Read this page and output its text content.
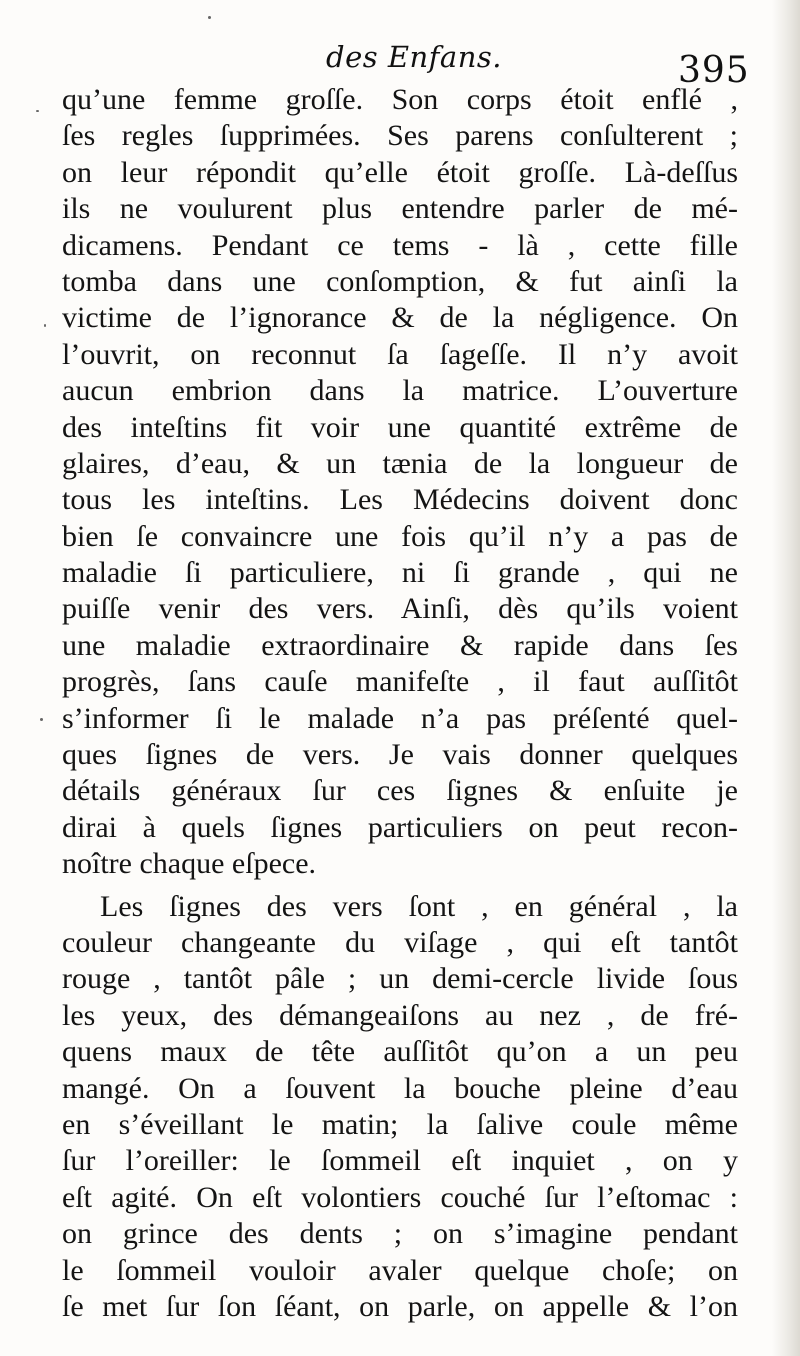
des Enfans.	395
qu’une femme groſſe. Son corps étoit enflé ,
ſes regles ſupprimées. Ses parens conſulterent ;
on leur répondit qu’elle étoit groſſe. Là-deſſus
ils ne voulurent plus entendre parler de mé-
dicamens. Pendant ce tems - là , cette fille
tomba dans une conſomption, & fut ainſi la
victime de l’ignorance & de la négligence. On
l’ouvrit, on reconnut ſa ſageſſe. Il n’y avoit
aucun embrion dans la matrice. L’ouverture
des inteſtins fit voir une quantité extrême de
glaires, d’eau, & un tænia de la longueur de
tous les inteſtins. Les Médecins doivent donc
bien ſe convaincre une fois qu’il n’y a pas de
maladie ſi particuliere, ni ſi grande , qui ne
puiſſe venir des vers. Ainſi, dès qu’ils voient
une maladie extraordinaire & rapide dans ſes
progrès, ſans cauſe manifeſte , il faut auſſitôt
s’informer ſi le malade n’a pas préſenté quel-
ques ſignes de vers. Je vais donner quelques
détails généraux ſur ces ſignes & enſuite je
dirai à quels ſignes particuliers on peut recon-
noître chaque eſpece.
Les ſignes des vers ſont , en général , la
couleur changeante du viſage , qui eſt tantôt
rouge , tantôt pâle ; un demi-cercle livide ſous
les yeux, des démangeaiſons au nez , de fré-
quens maux de tête auſſitôt qu’on a un peu
mangé. On a ſouvent la bouche pleine d’eau
en s’éveillant le matin; la ſalive coule même
ſur l’oreiller: le ſommeil eſt inquiet , on y
eſt agité. On eſt volontiers couché ſur l’eſtomac :
on grince des dents ; on s’imagine pendant
le ſommeil vouloir avaler quelque choſe; on
ſe met ſur ſon ſéant, on parle, on appelle & l’on
